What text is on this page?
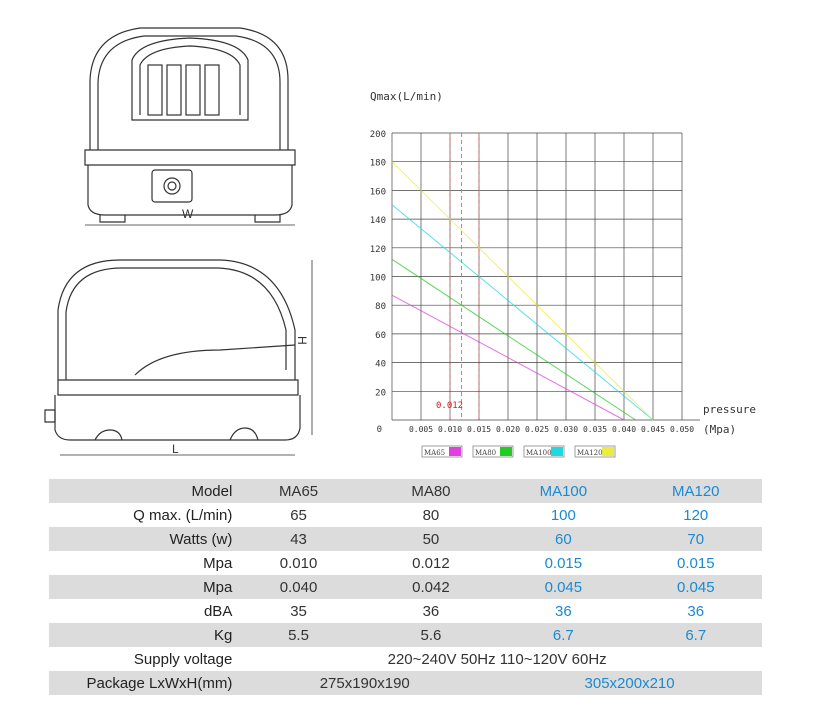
W
L
H
0.005 0.010 0.015 0.020 0.025 0.030 0.035 0.040 0.045 0.050
20
40
60
80
100
120
140
160
180
200
0
Qmax(L/min)
pressure
(Mpa)
0.012
MA65	MA80	MA100	MA120
Model	MA65	MA80	MA100	MA120
Q max. (L/min)	65	80	100	120
Watts (w)	43	50	60	70
Mpa	0.010	0.012	0.015	0.015
Mpa	0.040	0.042	0.045	0.045
dBA	35	36	36	36
Kg	5.5	5.6	6.7	6.7
Supply voltage	220~240V 50Hz 110~120V 60Hz			
Package LxWxH(mm)	275x190x190		305x200x210	
